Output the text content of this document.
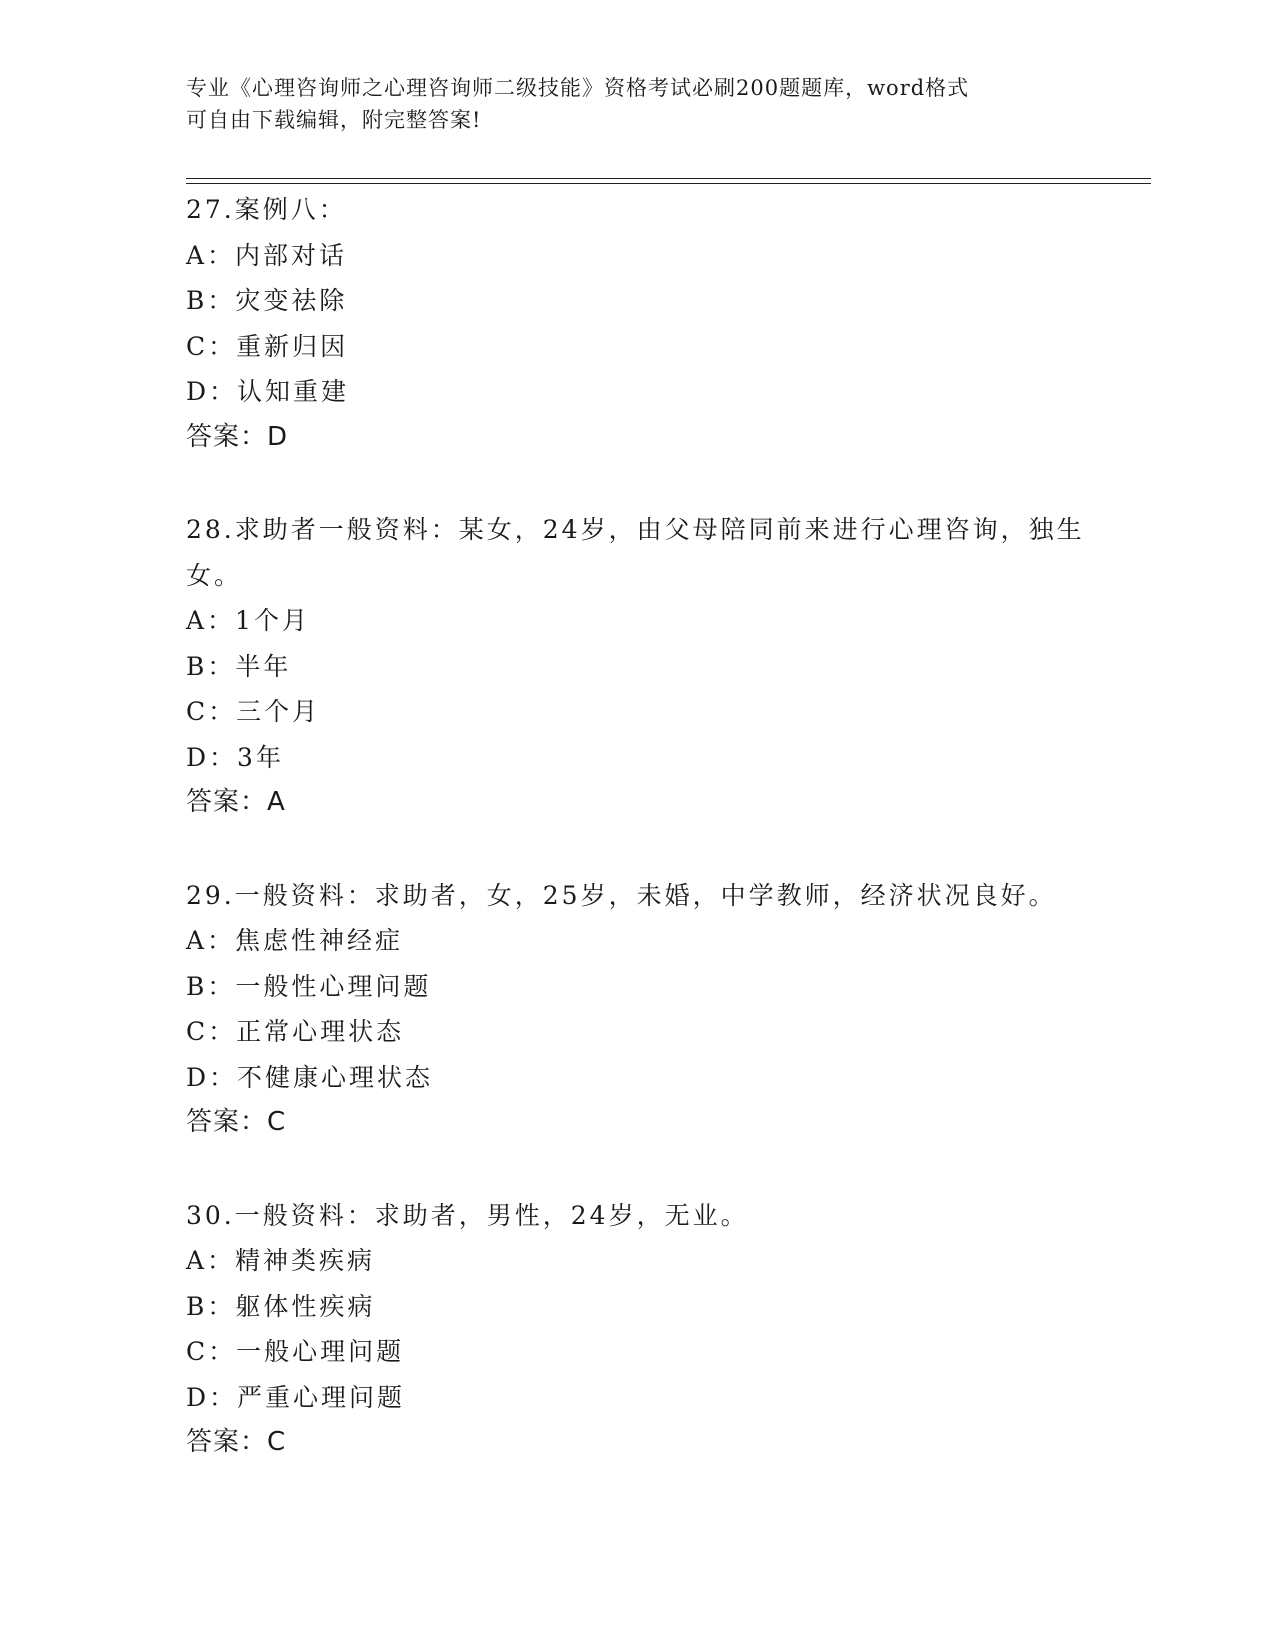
专业《心理咨询师之心理咨询师二级技能》资格考试必刷200题题库，word格式
可自由下载编辑，附完整答案!
27.案例八：
A：内部对话
B：灾变祛除
C：重新归因
D：认知重建
答案：D
28.求助者一般资料：某女，24岁，由父母陪同前来进行心理咨询，独生女。
A：1个月
B：半年
C：三个月
D：3年
答案：A
29.一般资料：求助者，女，25岁，未婚，中学教师，经济状况良好。
A：焦虑性神经症
B：一般性心理问题
C：正常心理状态
D：不健康心理状态
答案：C
30.一般资料：求助者，男性，24岁，无业。
A：精神类疾病
B：躯体性疾病
C：一般心理问题
D：严重心理问题
答案：C
